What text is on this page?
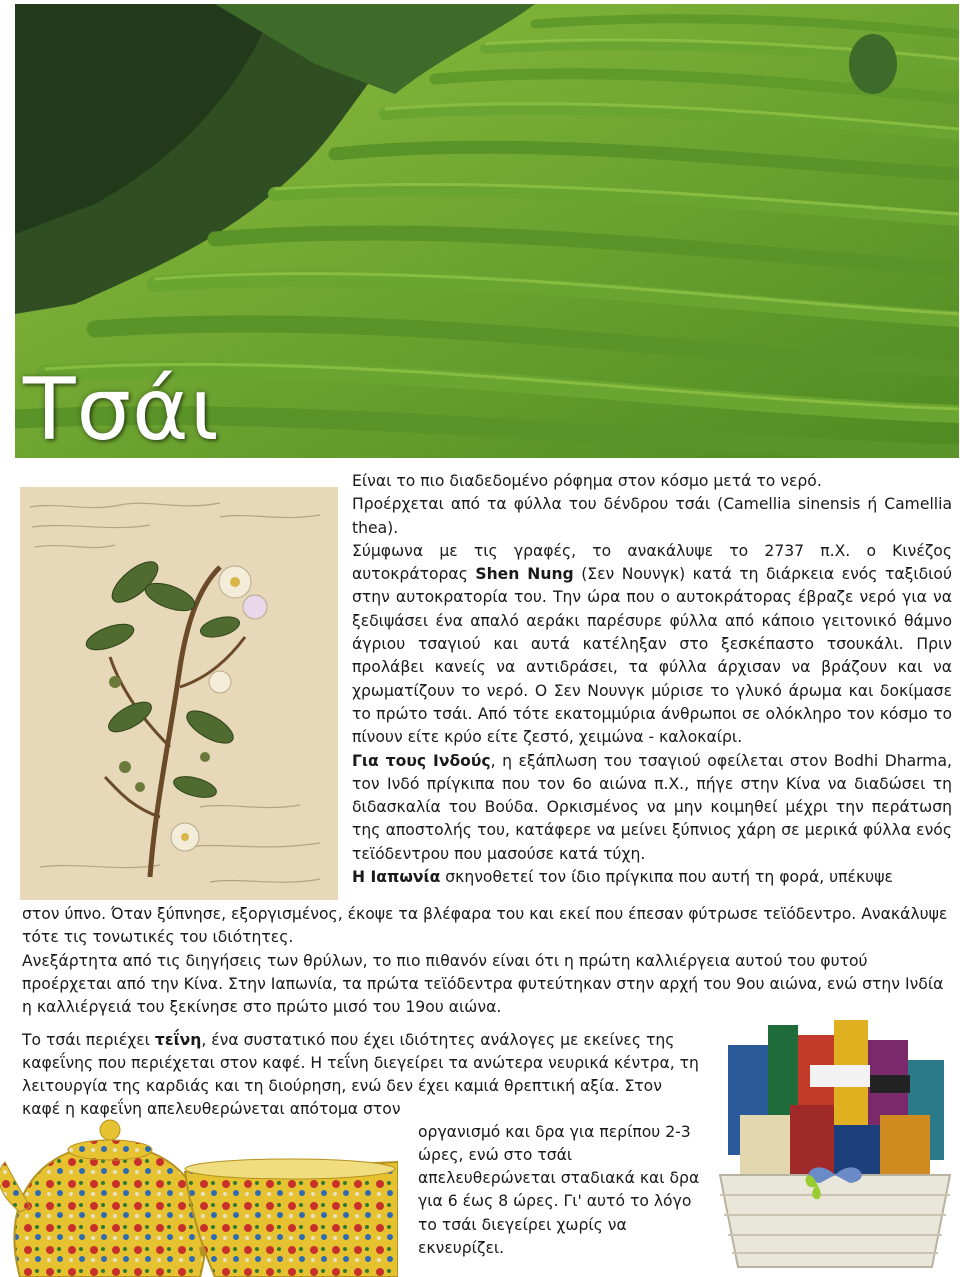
Τσάι

Είναι το πιο διαδεδομένο ρόφημα στον κόσμο μετά το νερό.

Προέρχεται από τα φύλλα του δένδρου τσάι (Camellia sinensis ή Camellia thea).

Σύμφωνα με τις γραφές, το ανακάλυψε το 2737 π.Χ. ο Κινέζος αυτοκράτορας Shen Nung (Σεν Νουνγκ) κατά τη διάρκεια ενός ταξιδιού στην αυτοκρατορία του. Την ώρα που ο αυτοκράτορας έβραζε νερό για να ξεδιψάσει ένα απαλό αεράκι παρέσυρε φύλλα από κάποιο γειτονικό θάμνο άγριου τσαγιού και αυτά κατέληξαν στο ξεσκέπαστο τσουκάλι. Πριν προλάβει κανείς να αντιδράσει, τα φύλλα άρχισαν να βράζουν και να χρωματίζουν το νερό. Ο Σεν Νουνγκ μύρισε το γλυκό άρωμα και δοκίμασε το πρώτο τσάι. Από τότε εκατομμύρια άνθρωποι σε ολόκληρο τον κόσμο το πίνουν είτε κρύο είτε ζεστό, χειμώνα - καλοκαίρι.

Για τους Ινδούς, η εξάπλωση του τσαγιού οφείλεται στον Bodhi Dharma, τον Ινδό πρίγκιπα που τον 6ο αιώνα π.Χ., πήγε στην Κίνα να διαδώσει τη διδασκαλία του Βούδα. Ορκισμένος να μην κοιμηθεί μέχρι την περάτωση της αποστολής του, κατάφερε να μείνει ξύπνιος χάρη σε μερικά φύλλα ενός τεϊόδεντρου που μασούσε κατά τύχη.

Η Ιαπωνία σκηνοθετεί τον ίδιο πρίγκιπα που αυτή τη φορά, υπέκυψε

στον ύπνο. Όταν ξύπνησε, εξοργισμένος, έκοψε τα βλέφαρα του και εκεί που έπεσαν φύτρωσε τεϊόδεντρο. Ανακάλυψε τότε τις τονωτικές του ιδιότητες.

Ανεξάρτητα από τις διηγήσεις των θρύλων, το πιο πιθανόν είναι ότι η πρώτη καλλιέργεια αυτού του φυτού προέρχεται από την Κίνα. Στην Ιαπωνία, τα πρώτα τεϊόδεντρα φυτεύτηκαν στην αρχή του 9ου αιώνα, ενώ στην Ινδία η καλλιέργειά του ξεκίνησε στο πρώτο μισό του 19ου αιώνα.

Το τσάι περιέχει τεΐνη, ένα συστατικό που έχει ιδιότητες ανάλογες με εκείνες της καφεΐνης που περιέχεται στον καφέ. Η τεΐνη διεγείρει τα ανώτερα νευρικά κέντρα, τη λειτουργία της καρδιάς και τη διούρηση, ενώ δεν έχει καμιά θρεπτική αξία. Στον καφέ η καφεΐνη απελευθερώνεται απότομα στον

οργανισμό και δρα για περίπου 2-3 ώρες, ενώ στο τσάι απελευθερώνεται σταδιακά και δρα για 6 έως 8 ώρες. Γι' αυτό το λόγο το τσάι διεγείρει χωρίς να εκνευρίζει.
